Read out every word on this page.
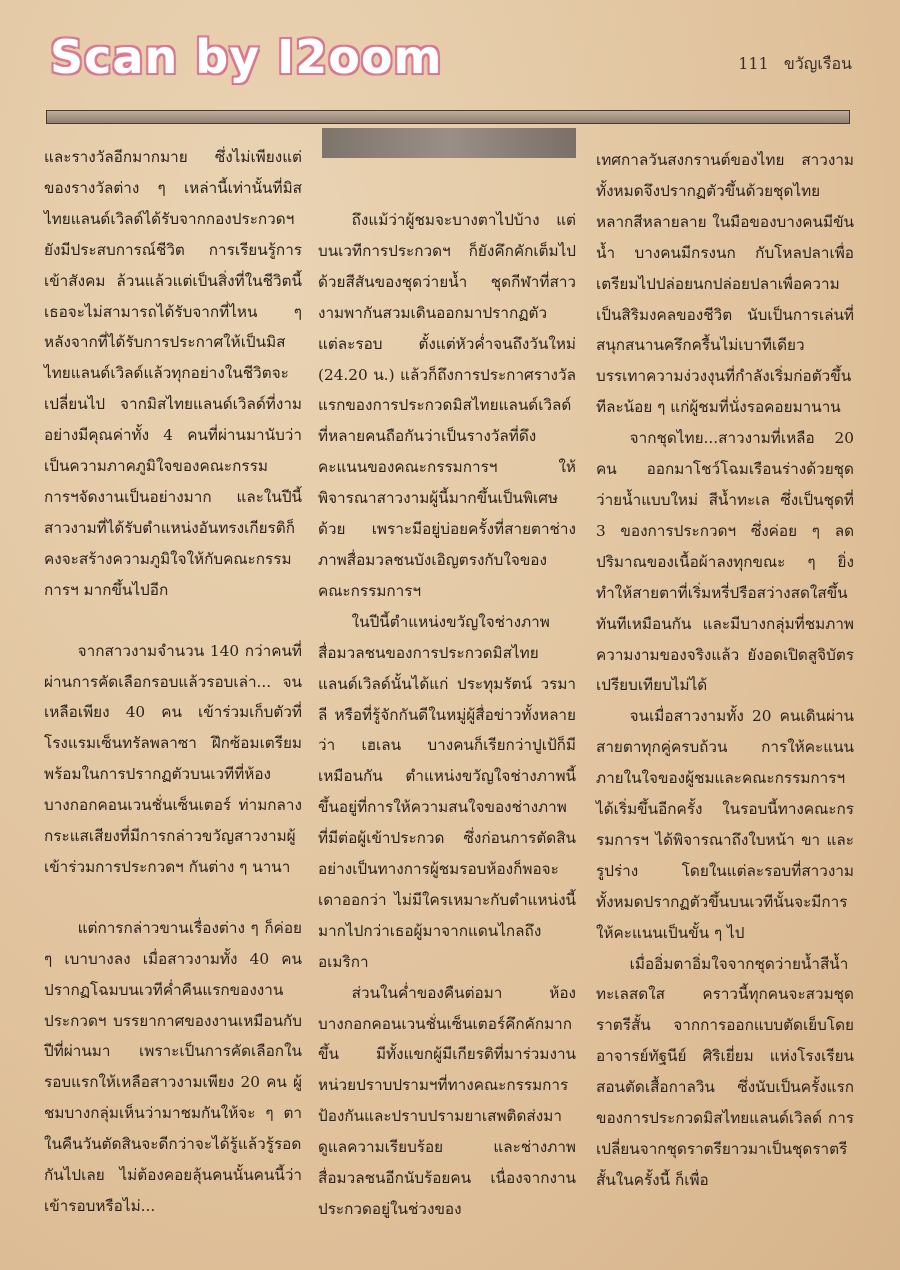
Scan by I2oom	111 ขวัญเรือน

และรางวัลอีกมากมาย ซึ่งไม่เพียงแต่ของรางวัลต่าง ๆ เหล่านี้เท่านั้นที่มิสไทยแลนด์เวิลด์ได้รับจากกองประกวดฯ ยังมีประสบการณ์ชีวิต การเรียนรู้การเข้าสังคม ล้วนแล้วแต่เป็นสิ่งที่ในชีวิตนี้เธอจะไม่สามารถได้รับจากที่ไหน ๆ หลังจากที่ได้รับการประกาศให้เป็นมิสไทยแลนด์เวิลด์แล้วทุกอย่างในชีวิตจะเปลี่ยนไป จากมิสไทยแลนด์เวิลด์ที่งามอย่างมีคุณค่าทั้ง 4 คนที่ผ่านมานับว่าเป็นความภาคภูมิใจของคณะกรรมการฯจัดงานเป็นอย่างมาก และในปีนี้สาวงามที่ได้รับตำแหน่งอันทรงเกียรติก็คงจะสร้างความภูมิใจให้กับคณะกรรมการฯ มากขึ้นไปอีก

จากสาวงามจำนวน 140 กว่าคนที่ผ่านการคัดเลือกรอบแล้วรอบเล่า... จนเหลือเพียง 40 คน เข้าร่วมเก็บตัวที่โรงแรมเซ็นทรัลพลาซา ฝึกซ้อมเตรียมพร้อมในการปรากฏตัวบนเวทีที่ห้องบางกอกคอนเวนชั่นเซ็นเตอร์ ท่ามกลางกระแสเสียงที่มีการกล่าวขวัญสาวงามผู้เข้าร่วมการประกวดฯ กันต่าง ๆ นานา

แต่การกล่าวขานเรื่องต่าง ๆ ก็ค่อย ๆ เบาบางลง เมื่อสาวงามทั้ง 40 คน ปรากฏโฉมบนเวทีค่ำคืนแรกของงานประกวดฯ บรรยากาศของงานเหมือนกับปีที่ผ่านมา เพราะเป็นการคัดเลือกในรอบแรกให้เหลือสาวงามเพียง 20 คน ผู้ชมบางกลุ่มเห็นว่ามาชมกันให้จะ ๆ ตาในคืนวันตัดสินจะดีกว่าจะได้รู้แล้วรู้รอดกันไปเลย ไม่ต้องคอยลุ้นคนนั้นคนนี้ว่าเข้ารอบหรือไม่...

ถึงแม้ว่าผู้ชมจะบางตาไปบ้าง แต่บนเวทีการประกวดฯ ก็ยังคึกคักเต็มไปด้วยสีสันของชุดว่ายน้ำ ชุดกีฬาที่สาวงามพากันสวมเดินออกมาปรากฏตัวแต่ละรอบ ตั้งแต่หัวค่ำจนถึงวันใหม่ (24.20 น.) แล้วก็ถึงการประกาศรางวัลแรกของการประกวดมิสไทยแลนด์เวิลด์ที่หลายคนถือกันว่าเป็นรางวัลที่ดึงคะแนนของคณะกรรมการฯ ให้พิจารณาสาวงามผู้นี้มากขึ้นเป็นพิเศษด้วย เพราะมีอยู่บ่อยครั้งที่สายตาช่างภาพสื่อมวลชนบังเอิญตรงกับใจของคณะกรรมการฯ

ในปีนี้ตำแหน่งขวัญใจช่างภาพสื่อมวลชนของการประกวดมิสไทยแลนด์เวิลด์นั้นได้แก่ ประทุมรัตน์ วรมาลี หรือที่รู้จักกันดีในหมู่ผู้สื่อข่าวทั้งหลายว่า เฮเลน บางคนก็เรียกว่าปูเป้ก็มีเหมือนกัน ตำแหน่งขวัญใจช่างภาพนี้ขึ้นอยู่ที่การให้ความสนใจของช่างภาพที่มีต่อผู้เข้าประกวด ซึ่งก่อนการตัดสินอย่างเป็นทางการผู้ชมรอบห้องก็พอจะเดาออกว่า ไม่มีใครเหมาะกับตำแหน่งนี้ มากไปกว่าเธอผู้มาจากแดนไกลถึงอเมริกา

ส่วนในค่ำของคืนต่อมา ห้องบางกอกคอนเวนชั่นเซ็นเตอร์คึกคักมากขึ้น มีทั้งแขกผู้มีเกียรติที่มาร่วมงาน หน่วยปราบปรามฯที่ทางคณะกรรมการป้องกันและปราบปรามยาเสพติดส่งมาดูแลความเรียบร้อย และช่างภาพสื่อมวลชนอีกนับร้อยคน เนื่องจากงานประกวดอยู่ในช่วงของ

เทศกาลวันสงกรานต์ของไทย สาวงามทั้งหมดจึงปรากฏตัวขึ้นด้วยชุดไทยหลากสีหลายลาย ในมือของบางคนมีขันน้ำ บางคนมีกรงนก กับโหลปลาเพื่อเตรียมไปปล่อยนกปล่อยปลาเพื่อความเป็นสิริมงคลของชีวิต นับเป็นการเล่นที่สนุกสนานครึกครื้นไม่เบาทีเดียว บรรเทาความง่วงงุนที่กำลังเริ่มก่อตัวขึ้นทีละน้อย ๆ แก่ผู้ชมที่นั่งรอคอยมานาน

จากชุดไทย...สาวงามที่เหลือ 20 คน ออกมาโชว์โฉมเรือนร่างด้วยชุดว่ายน้ำแบบใหม่ สีน้ำทะเล ซึ่งเป็นชุดที่ 3 ของการประกวดฯ ซึ่งค่อย ๆ ลดปริมาณของเนื้อผ้าลงทุกขณะ ๆ ยิ่งทำให้สายตาที่เริ่มหรี่ปรือสว่างสดใสขึ้นทันทีเหมือนกัน และมีบางกลุ่มที่ชมภาพความงามของจริงแล้ว ยังอดเปิดสูจิบัตรเปรียบเทียบไม่ได้

จนเมื่อสาวงามทั้ง 20 คนเดินผ่านสายตาทุกคู่ครบถ้วน การให้คะแนนภายในใจของผู้ชมและคณะกรรมการฯ ได้เริ่มขึ้นอีกครั้ง ในรอบนี้ทางคณะกรรมการฯ ได้พิจารณาถึงใบหน้า ขา และรูปร่าง โดยในแต่ละรอบที่สาวงามทั้งหมดปรากฏตัวขึ้นบนเวทีนั้นจะมีการให้คะแนนเป็นขั้น ๆ ไป

เมื่ออิ่มตาอิ่มใจจากชุดว่ายน้ำสีน้ำทะเลสดใส คราวนี้ทุกคนจะสวมชุดราตรีสั้น จากการออกแบบตัดเย็บโดยอาจารย์ทัฐนีย์ ศิริเยี่ยม แห่งโรงเรียนสอนตัดเสื้อกาลวิน ซึ่งนับเป็นครั้งแรกของการประกวดมิสไทยแลนด์เวิลด์ การเปลี่ยนจากชุดราตรียาวมาเป็นชุดราตรีสั้นในครั้งนี้ ก็เพื่อ
